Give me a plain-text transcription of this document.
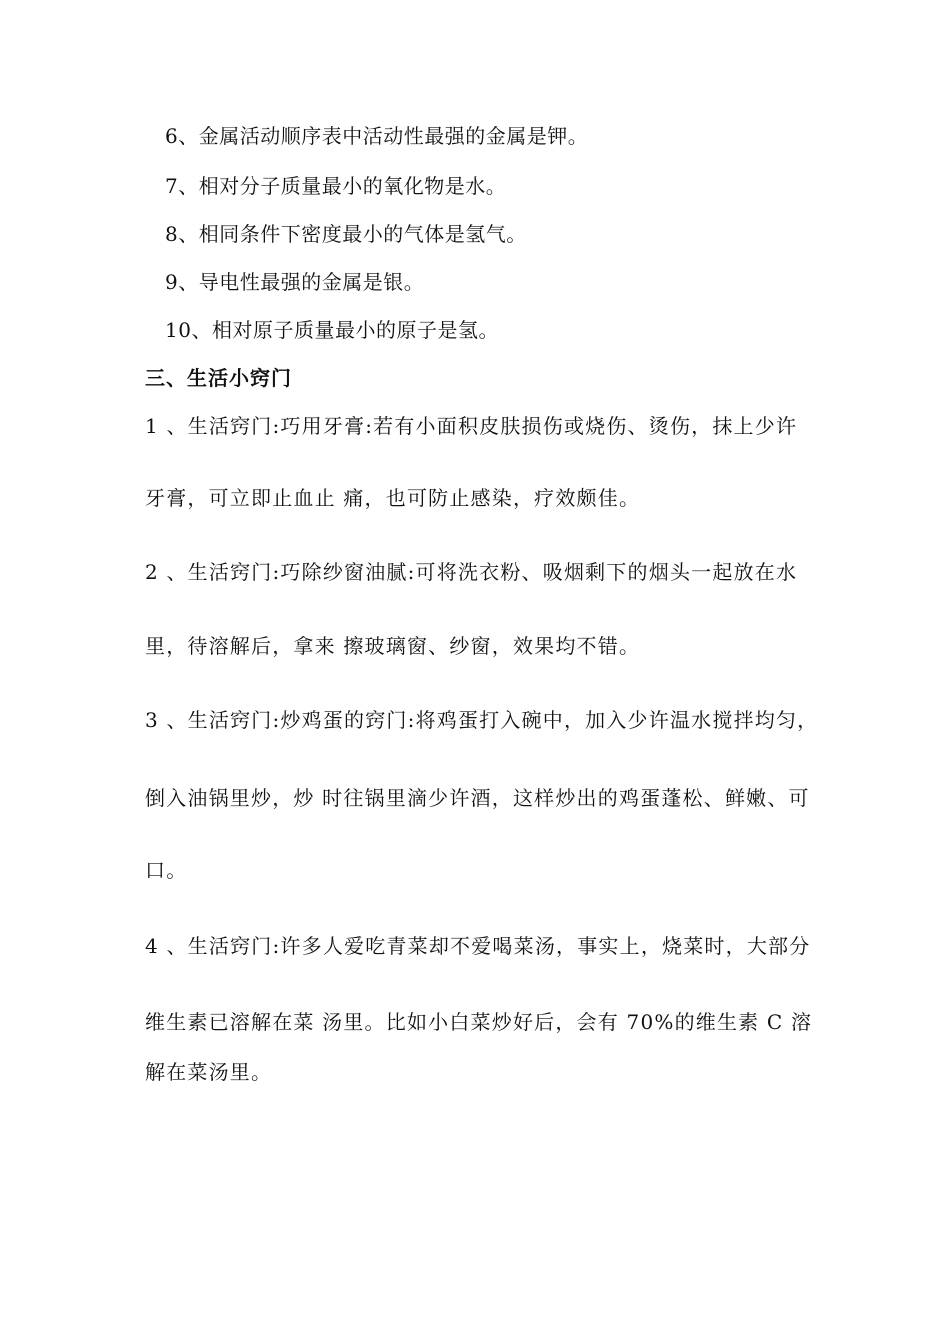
6、金属活动顺序表中活动性最强的金属是钾。
7、相对分子质量最小的氧化物是水。
8、相同条件下密度最小的气体是氢气。
9、导电性最强的金属是银。
10、相对原子质量最小的原子是氢。
三、生活小窍门
1 、生活窍门:巧用牙膏:若有小面积皮肤损伤或烧伤、烫伤，抹上少许
牙膏，可立即止血止 痛，也可防止感染，疗效颇佳。
2 、生活窍门:巧除纱窗油腻:可将洗衣粉、吸烟剩下的烟头一起放在水
里，待溶解后，拿来 擦玻璃窗、纱窗，效果均不错。
3 、生活窍门:炒鸡蛋的窍门:将鸡蛋打入碗中，加入少许温水搅拌均匀，
倒入油锅里炒，炒 时往锅里滴少许酒，这样炒出的鸡蛋蓬松、鲜嫩、可
口。
4 、生活窍门:许多人爱吃青菜却不爱喝菜汤，事实上，烧菜时，大部分
维生素已溶解在菜 汤里。比如小白菜炒好后，会有 70%的维生素 C 溶
解在菜汤里。
